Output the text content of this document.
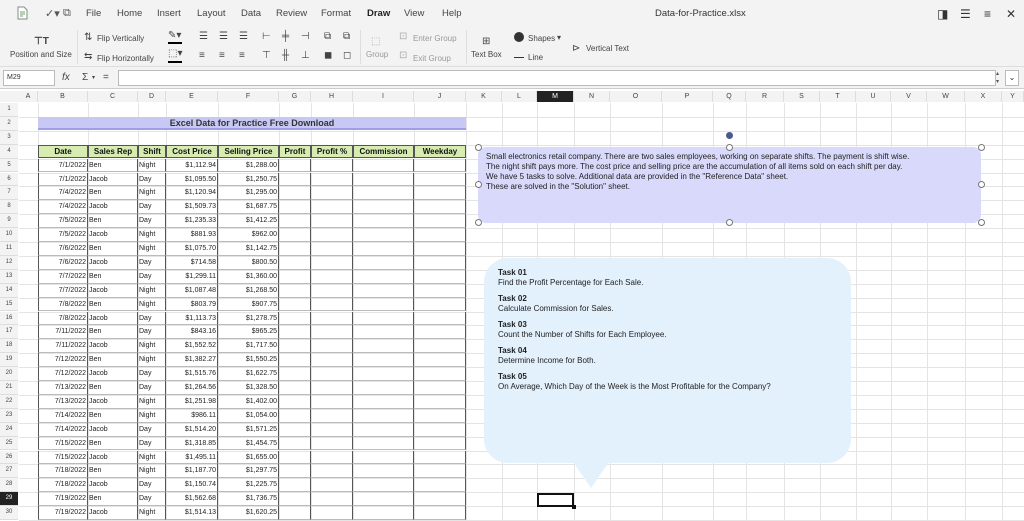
✓▾ ⧉ File Home Insert Layout Data Review Format Draw View Help	Data-for-Practice.xlsx	◨ ☰ ≡ ✕
⊤T
Position and Size
⇅ Flip Vertically
⇆ Flip Horizontally
✎▾
⬚▾
☰ ☰ ☰
≡ ≡ ≡
⊢ ╪ ⊣
⊤ ╫ ⊥
⧉ ⧉
◼ ◻
⬚
Group
⊡ Enter Group
⊡ Exit Group
⊞
Text Box
Shapes ▾
Line
⊳ Vertical Text
M29	fx Σ ▾ =	▴
▾	⌄
A	B	C	D	E	F	G	H	I	J	K	L	M	N	O	P	Q	R	S	T	U	V	W	X	Y
1
2
3
4
5
6
7
8
9
10
11
12
13
14
15
16
17
18
19
20
21
22
23
24
25
26
27
28
29
30
Excel Data for Practice Free Download
Date	Sales Rep	Shift	Cost Price	Selling Price	Profit	Profit %	Commission	Weekday
7/1/2022 Ben	Night	$1,112.94	$1,288.00
7/1/2022 Jacob	Day	$1,095.50	$1,250.75
7/4/2022 Ben	Night	$1,120.94	$1,295.00
7/4/2022 Jacob	Day	$1,509.73	$1,687.75
7/5/2022 Ben	Day	$1,235.33	$1,412.25
7/5/2022 Jacob	Night	$881.93	$962.00
7/6/2022 Ben	Night	$1,075.70	$1,142.75
7/6/2022 Jacob	Day	$714.58	$800.50
7/7/2022 Ben	Day	$1,299.11	$1,360.00
7/7/2022 Jacob	Night	$1,087.48	$1,268.50
7/8/2022 Ben	Night	$803.79	$907.75
7/8/2022 Jacob	Day	$1,113.73	$1,278.75
7/11/2022 Ben	Day	$843.16	$965.25
7/11/2022 Jacob	Night	$1,552.52	$1,717.50
7/12/2022 Ben	Night	$1,382.27	$1,550.25
7/12/2022 Jacob	Day	$1,515.76	$1,622.75
7/13/2022 Ben	Day	$1,264.56	$1,328.50
7/13/2022 Jacob	Night	$1,251.98	$1,402.00
7/14/2022 Ben	Night	$986.11	$1,054.00
7/14/2022 Jacob	Day	$1,514.20	$1,571.25
7/15/2022 Ben	Day	$1,318.85	$1,454.75
7/15/2022 Jacob	Night	$1,495.11	$1,655.00
7/18/2022 Ben	Night	$1,187.70	$1,297.75
7/18/2022 Jacob	Day	$1,150.74	$1,225.75
7/19/2022 Ben	Day	$1,562.68	$1,736.75
7/19/2022 Jacob	Night	$1,514.13	$1,620.25
Small electronics retail company. There are two sales employees, working on separate shifts. The payment is shift wise.
The night shift pays more. The cost price and selling price are the accumulation of all items sold on each shift per day.
We have 5 tasks to solve. Additional data are provided in the "Reference Data" sheet.
These are solved in the "Solution" sheet.
Task 01
Find the Profit Percentage for Each Sale.
Task 02
Calculate Commission for Sales.
Task 03
Count the Number of Shifts for Each Employee.
Task 04
Determine Income for Both.
Task 05
On Average, Which Day of the Week is the Most Profitable for the Company?
